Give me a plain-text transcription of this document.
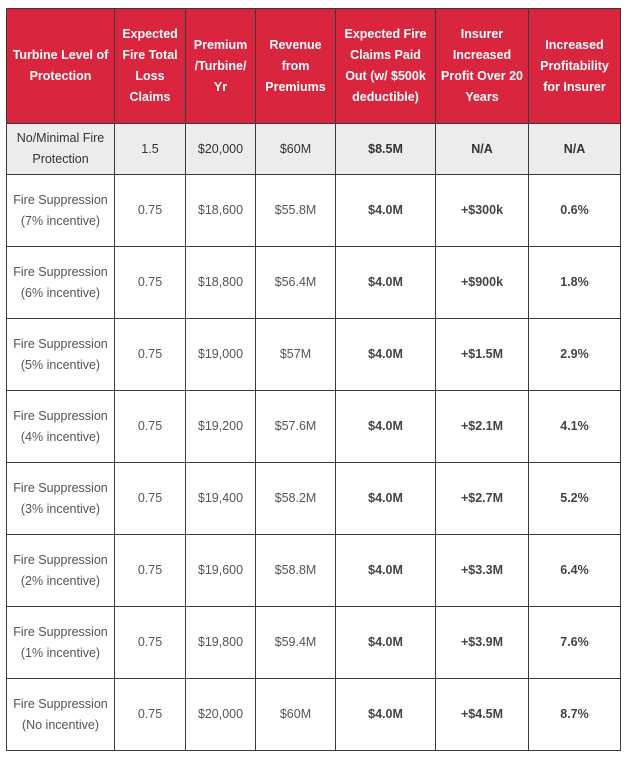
Turbine Level of Protection	Expected Fire Total Loss Claims	Premium /Turbine/ Yr	Revenue from Premiums	Expected Fire Claims Paid Out (w/ $500k deductible)	Insurer Increased Profit Over 20 Years	Increased Profitability for Insurer
No/Minimal Fire Protection	1.5	$20,000	$60M	$8.5M	N/A	N/A
Fire Suppression (7% incentive)	0.75	$18,600	$55.8M	$4.0M	+$300k	0.6%
Fire Suppression (6% incentive)	0.75	$18,800	$56.4M	$4.0M	+$900k	1.8%
Fire Suppression (5% incentive)	0.75	$19,000	$57M	$4.0M	+$1.5M	2.9%
Fire Suppression (4% incentive)	0.75	$19,200	$57.6M	$4.0M	+$2.1M	4.1%
Fire Suppression (3% incentive)	0.75	$19,400	$58.2M	$4.0M	+$2.7M	5.2%
Fire Suppression (2% incentive)	0.75	$19,600	$58.8M	$4.0M	+$3.3M	6.4%
Fire Suppression (1% incentive)	0.75	$19,800	$59.4M	$4.0M	+$3.9M	7.6%
Fire Suppression (No incentive)	0.75	$20,000	$60M	$4.0M	+$4.5M	8.7%
